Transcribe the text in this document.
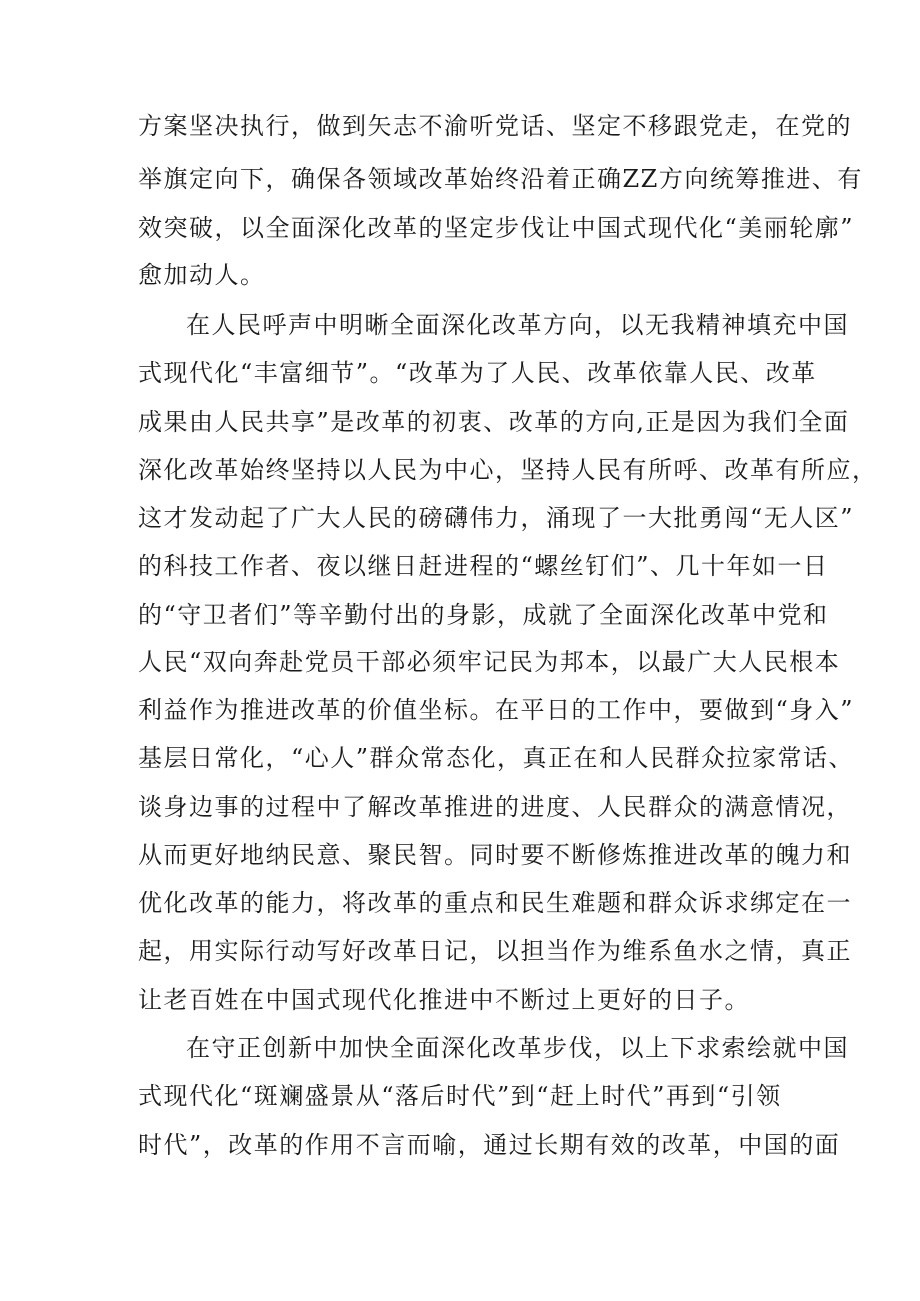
方案坚决执行，做到矢志不渝听党话、坚定不移跟党走，在党的
举旗定向下，确保各领域改革始终沿着正确ZZ方向统筹推进、有
效突破，以全面深化改革的坚定步伐让中国式现代化“美丽轮廓”
愈加动人。
在人民呼声中明晰全面深化改革方向，以无我精神填充中国
式现代化“丰富细节”。“改革为了人民、改革依靠人民、改革
成果由人民共享”是改革的初衷、改革的方向,正是因为我们全面
深化改革始终坚持以人民为中心，坚持人民有所呼、改革有所应，
这才发动起了广大人民的磅礴伟力，涌现了一大批勇闯“无人区”
的科技工作者、夜以继日赶进程的“螺丝钉们”、几十年如一日
的“守卫者们”等辛勤付出的身影，成就了全面深化改革中党和
人民“双向奔赴党员干部必须牢记民为邦本，以最广大人民根本
利益作为推进改革的价值坐标。在平日的工作中，要做到“身入”
基层日常化，“心人”群众常态化，真正在和人民群众拉家常话、
谈身边事的过程中了解改革推进的进度、人民群众的满意情况，
从而更好地纳民意、聚民智。同时要不断修炼推进改革的魄力和
优化改革的能力，将改革的重点和民生难题和群众诉求绑定在一
起，用实际行动写好改革日记，以担当作为维系鱼水之情，真正
让老百姓在中国式现代化推进中不断过上更好的日子。
在守正创新中加快全面深化改革步伐，以上下求索绘就中国
式现代化“斑斓盛景从“落后时代”到“赶上时代”再到“引领
时代”，改革的作用不言而喻，通过长期有效的改革，中国的面
